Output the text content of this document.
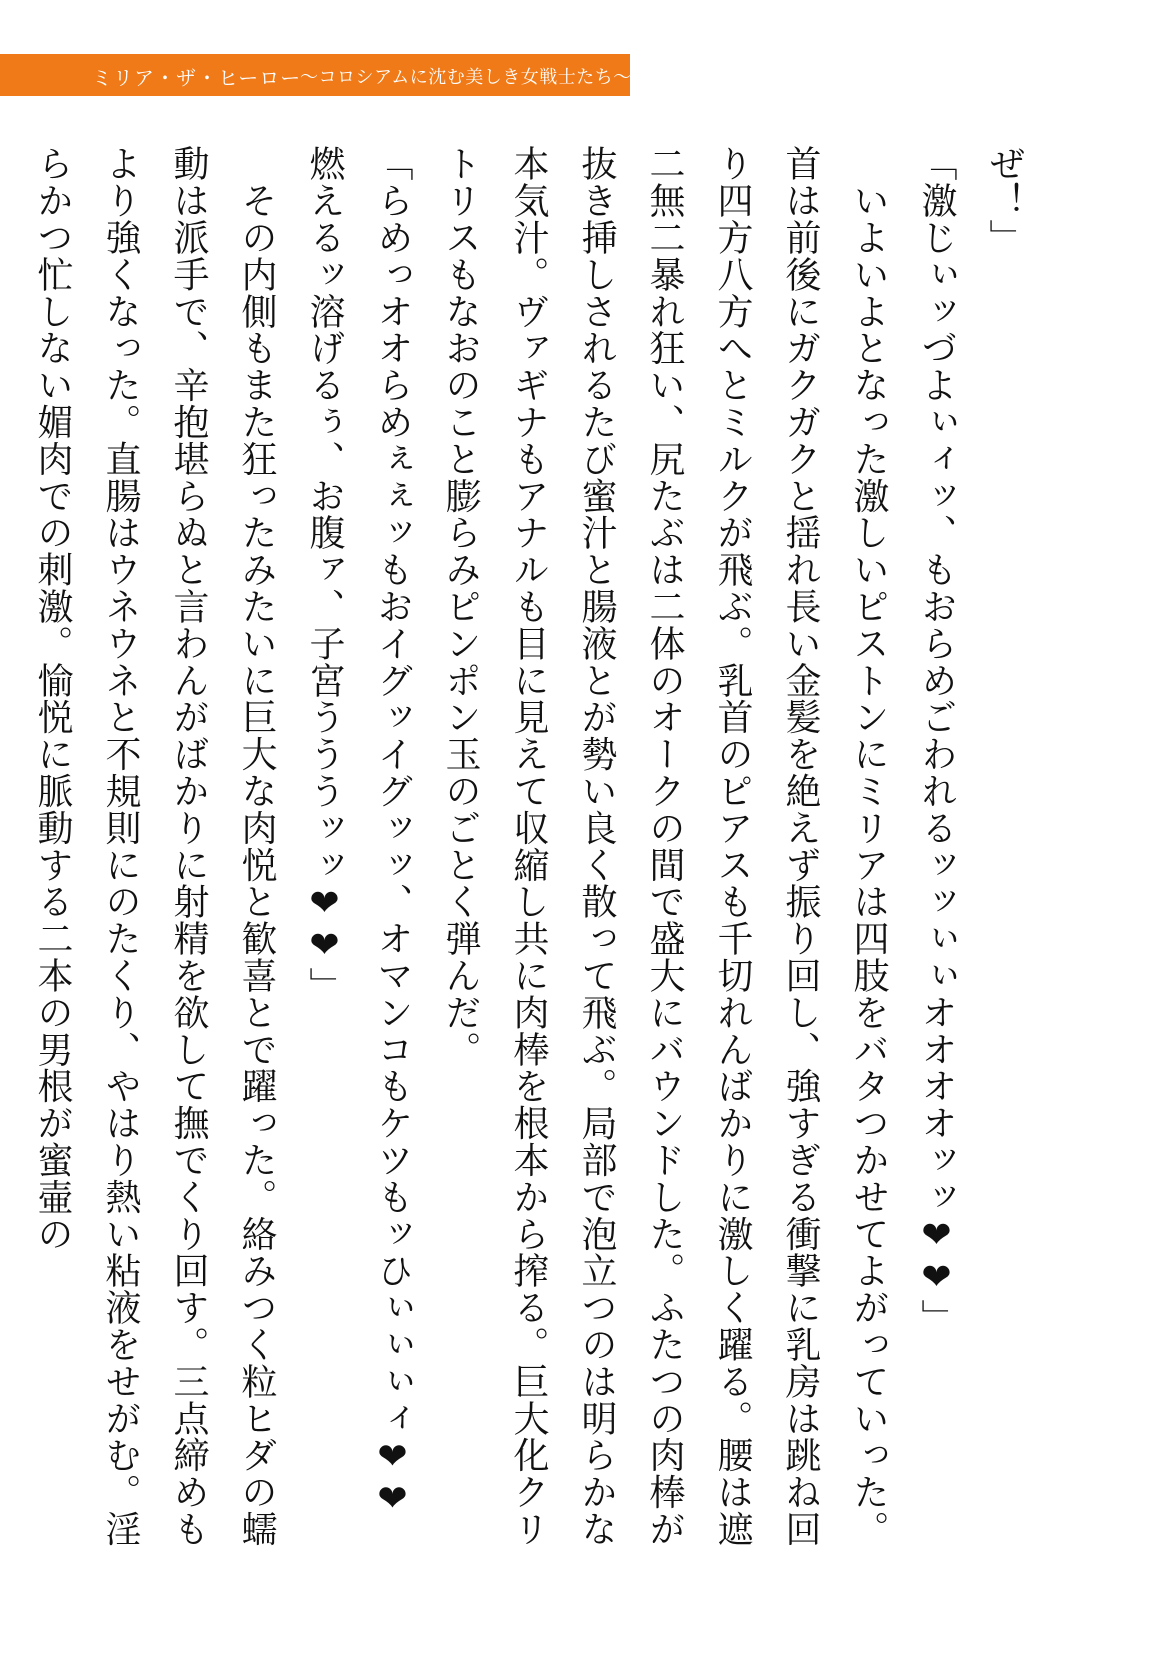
ミリア・ザ・ヒーロー
〜コロシアムに沈む美しき女戦士たち〜

ぜ！」

「激じぃッづよぃィッ、もおらめごわれるッッぃぃオオオオッッ❤❤」

　いよいよとなった激しいピストンにミリアは四肢をバタつかせてよがっていった。首は前後にガクガクと揺れ長い金髪を絶えず振り回し、強すぎる衝撃に乳房は跳ね回り四方八方へとミルクが飛ぶ。乳首のピアスも千切れんばかりに激しく躍る。腰は遮二無二暴れ狂い、尻たぶは二体のオークの間で盛大にバウンドした。ふたつの肉棒が抜き挿しされるたび蜜汁と腸液とが勢い良く散って飛ぶ。局部で泡立つのは明らかな本気汁。ヴァギナもアナルも目に見えて収縮し共に肉棒を根本から搾る。巨大化クリトリスもなおのこと膨らみピンポン玉のごとく弾んだ。

「らめっオオらめぇぇッもおイグッイグッッ、オマンコもケツもッひぃぃぃィ❤❤　燃えるッ溶げるぅ、お腹ァ、子宮うううッッ❤❤」

　その内側もまた狂ったみたいに巨大な肉悦と歓喜とで躍った。絡みつく粒ヒダの蠕動は派手で、辛抱堪らぬと言わんがばかりに射精を欲して撫でくり回す。三点締めもより強くなった。直腸はウネウネと不規則にのたくり、やはり熱い粘液をせがむ。淫らかつ忙しない媚肉での刺激。愉悦に脈動する二本の男根が蜜壷の
